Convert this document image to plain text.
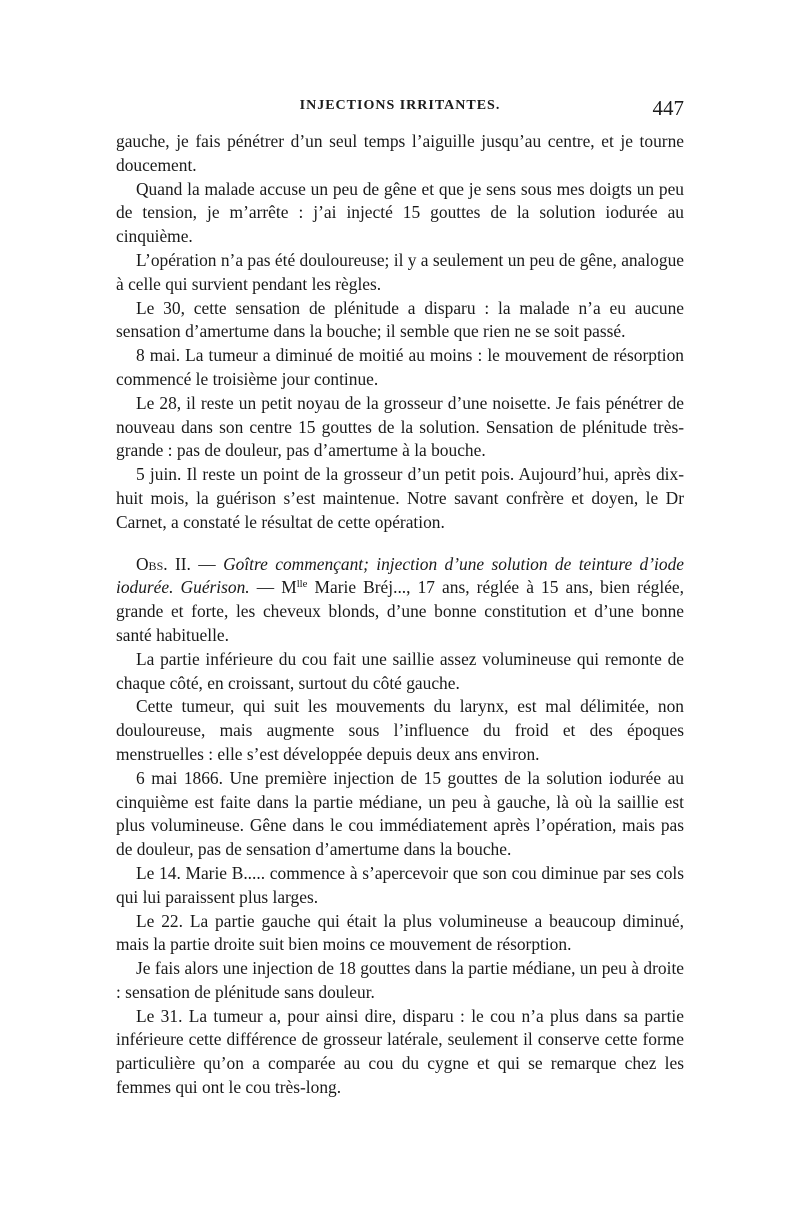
INJECTIONS IRRITANTES.	447

gauche, je fais pénétrer d’un seul temps l’aiguille jusqu’au centre, et je tourne doucement.

Quand la malade accuse un peu de gêne et que je sens sous mes doigts un peu de tension, je m’arrête : j’ai injecté 15 gouttes de la solution iodurée au cinquième.

L’opération n’a pas été douloureuse; il y a seulement un peu de gêne, analogue à celle qui survient pendant les règles.

Le 30, cette sensation de plénitude a disparu : la malade n’a eu aucune sensation d’amertume dans la bouche; il semble que rien ne se soit passé.

8 mai. La tumeur a diminué de moitié au moins : le mouvement de résorption commencé le troisième jour continue.

Le 28, il reste un petit noyau de la grosseur d’une noisette. Je fais pénétrer de nouveau dans son centre 15 gouttes de la solution. Sensation de plénitude très-grande : pas de douleur, pas d’amertume à la bouche.

5 juin. Il reste un point de la grosseur d’un petit pois. Aujourd’hui, après dix-huit mois, la guérison s’est maintenue. Notre savant confrère et doyen, le Dr Carnet, a constaté le résultat de cette opération.

Obs. II. — Goître commençant; injection d’une solution de teinture d’iode iodurée. Guérison. — $M^{lle}$ Marie Bréj..., 17 ans, réglée à 15 ans, bien réglée, grande et forte, les cheveux blonds, d’une bonne constitution et d’une bonne santé habituelle.

La partie inférieure du cou fait une saillie assez volumineuse qui remonte de chaque côté, en croissant, surtout du côté gauche.

Cette tumeur, qui suit les mouvements du larynx, est mal délimitée, non douloureuse, mais augmente sous l’influence du froid et des époques menstruelles : elle s’est développée depuis deux ans environ.

6 mai 1866. Une première injection de 15 gouttes de la solution iodurée au cinquième est faite dans la partie médiane, un peu à gauche, là où la saillie est plus volumineuse. Gêne dans le cou immédiatement après l’opération, mais pas de douleur, pas de sensation d’amertume dans la bouche.

Le 14. Marie B..... commence à s’apercevoir que son cou diminue par ses cols qui lui paraissent plus larges.

Le 22. La partie gauche qui était la plus volumineuse a beaucoup diminué, mais la partie droite suit bien moins ce mouvement de résorption.

Je fais alors une injection de 18 gouttes dans la partie médiane, un peu à droite : sensation de plénitude sans douleur.

Le 31. La tumeur a, pour ainsi dire, disparu : le cou n’a plus dans sa partie inférieure cette différence de grosseur latérale, seulement il conserve cette forme particulière qu’on a comparée au cou du cygne et qui se remarque chez les femmes qui ont le cou très-long.
